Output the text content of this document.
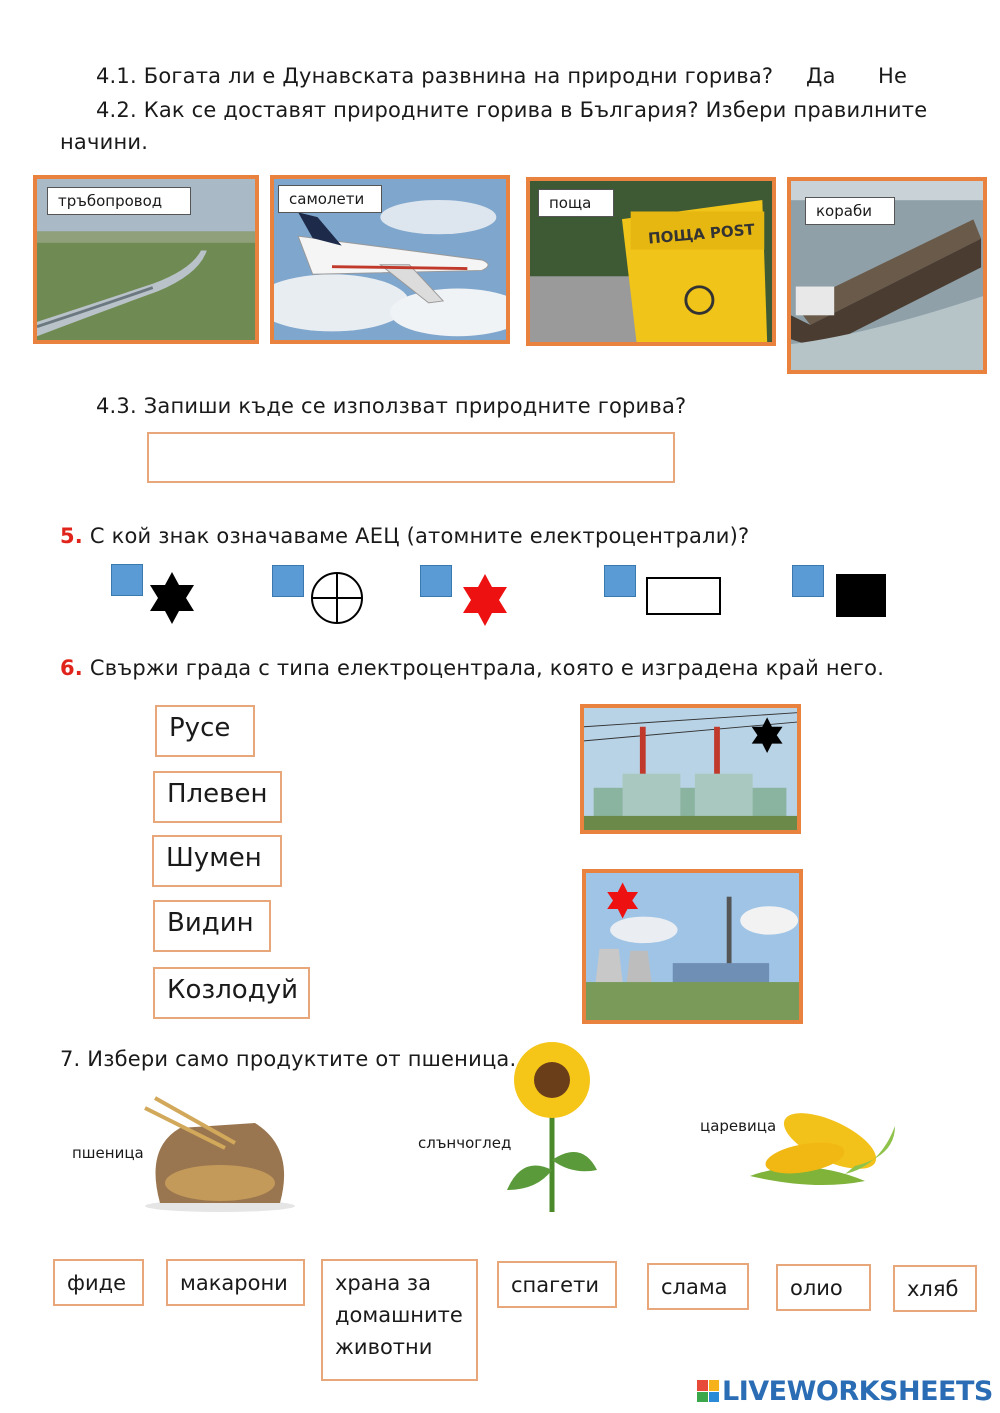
4.1. Богата ли е Дунавската развнина на природни горива? Да Не
4.2. Как се доставят природните горива в България? Избери правилните
начини.
тръбопровод	самолети
ПОЩА POST
поща	кораби
4.3. Запиши къде се използват природните горива?
5. С кой знак означаваме АЕЦ (атомните електроцентрали)?
6. Свържи града с типа електроцентрала, която е изградена край него.
Русе
Плевен
Шумен
Видин
Козлодуй
7. Избери само продуктите от пшеница.
пшеница
слънчоглед
царевица
фиде	макарони	храна за
домашните
животни
спагети	слама	олио	хляб
LIVEWORKSHEETS
